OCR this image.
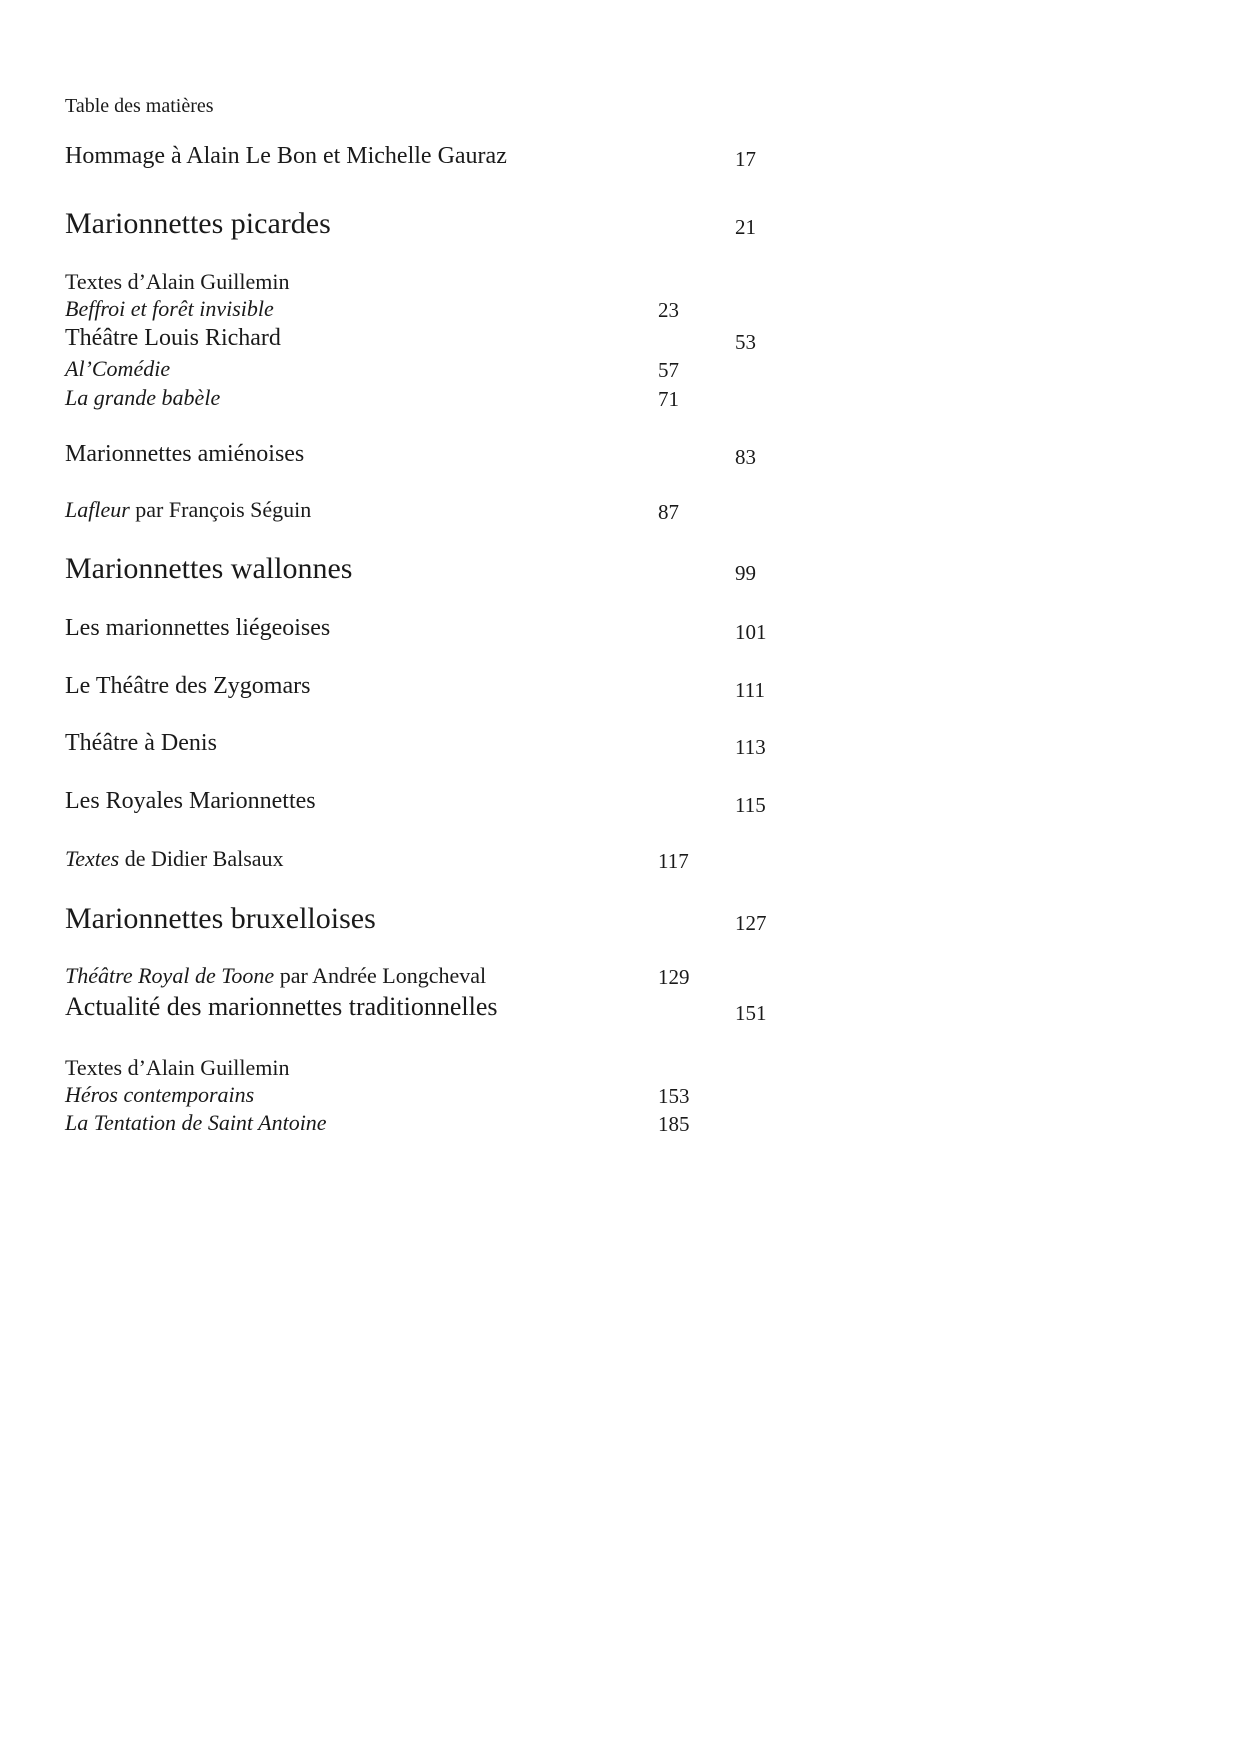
Table des matières
Hommage à Alain Le Bon et Michelle Gauraz	17
Marionnettes picardes	21
Textes d’Alain Guillemin
Beffroi et forêt invisible	23
Théâtre Louis Richard	53
Al’Comédie	57
La grande babèle	71
Marionnettes amiénoises	83
Lafleur par François Séguin	87
Marionnettes wallonnes	99
Les marionnettes liégeoises	101
Le Théâtre des Zygomars	111
Théâtre à Denis	113
Les Royales Marionnettes	115
Textes de Didier Balsaux	117
Marionnettes bruxelloises	127
Théâtre Royal de Toone par Andrée Longcheval	129
Actualité des marionnettes traditionnelles	151
Textes d’Alain Guillemin
Héros contemporains	153
La Tentation de Saint Antoine	185
